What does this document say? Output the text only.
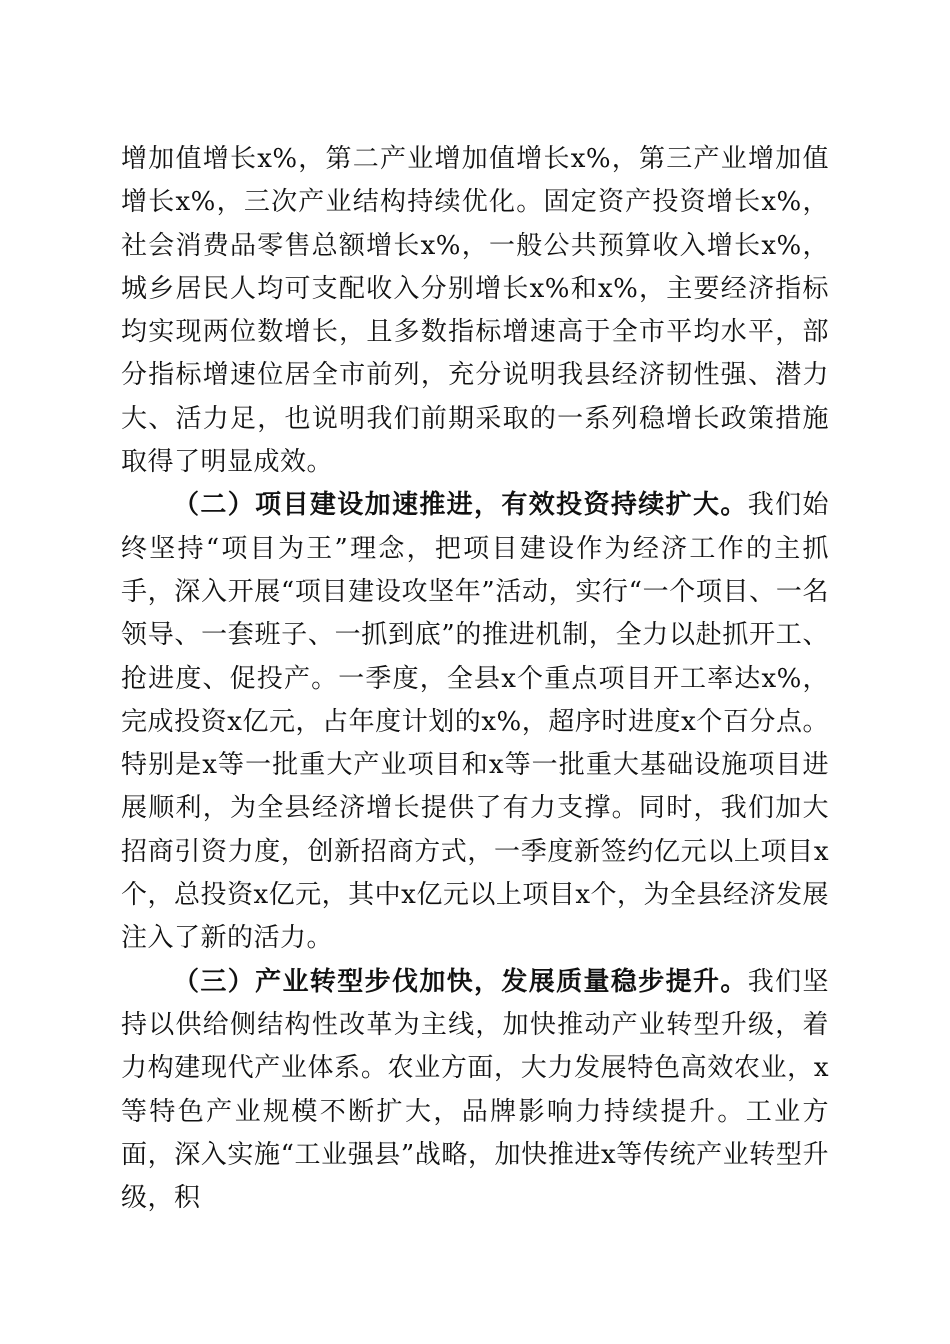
增加值增长x%，第二产业增加值增长x%，第三产业增加值增长x%，三次产业结构持续优化。固定资产投资增长x%，社会消费品零售总额增长x%，一般公共预算收入增长x%，城乡居民人均可支配收入分别增长x%和x%，主要经济指标均实现两位数增长，且多数指标增速高于全市平均水平，部分指标增速位居全市前列，充分说明我县经济韧性强、潜力大、活力足，也说明我们前期采取的一系列稳增长政策措施取得了明显成效。

（二）项目建设加速推进，有效投资持续扩大。我们始终坚持“项目为王”理念，把项目建设作为经济工作的主抓手，深入开展“项目建设攻坚年”活动，实行“一个项目、一名领导、一套班子、一抓到底”的推进机制，全力以赴抓开工、抢进度、促投产。一季度，全县x个重点项目开工率达x%，完成投资x亿元，占年度计划的x%，超序时进度x个百分点。特别是x等一批重大产业项目和x等一批重大基础设施项目进展顺利，为全县经济增长提供了有力支撑。同时，我们加大招商引资力度，创新招商方式，一季度新签约亿元以上项目x个，总投资x亿元，其中x亿元以上项目x个，为全县经济发展注入了新的活力。

（三）产业转型步伐加快，发展质量稳步提升。我们坚持以供给侧结构性改革为主线，加快推动产业转型升级，着力构建现代产业体系。农业方面，大力发展特色高效农业，x等特色产业规模不断扩大，品牌影响力持续提升。工业方面，深入实施“工业强县”战略，加快推进x等传统产业转型升级，积
